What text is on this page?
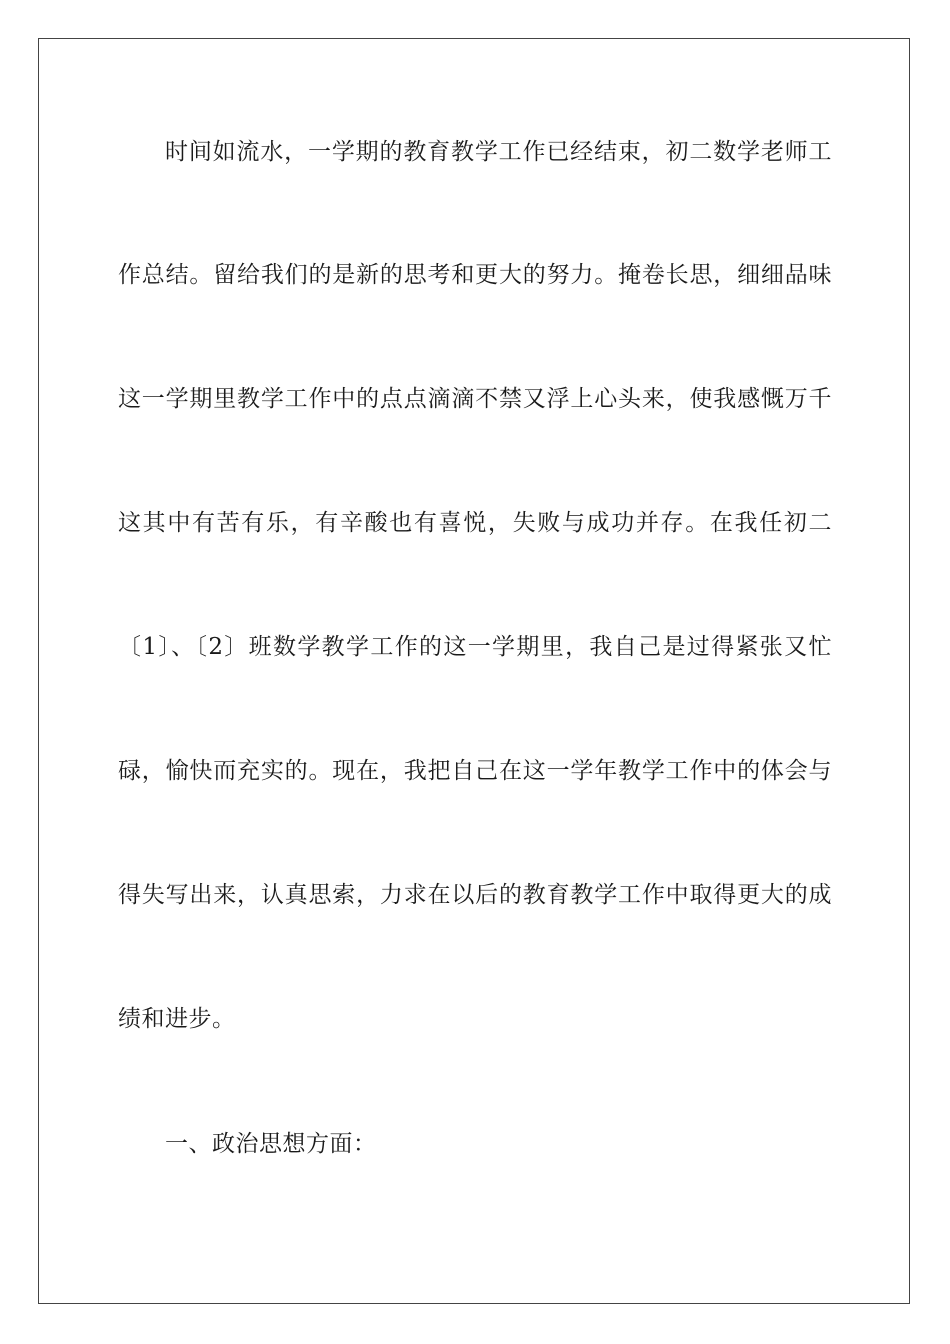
时间如流水，一学期的教育教学工作已经结束，初二数学老师工
作总结。留给我们的是新的思考和更大的努力。掩卷长思，细细品味
这一学期里教学工作中的点点滴滴不禁又浮上心头来，使我感慨万千
这其中有苦有乐，有辛酸也有喜悦，失败与成功并存。在我任初二
〔1〕、〔2〕班数学教学工作的这一学期里，我自己是过得紧张又忙
碌，愉快而充实的。现在，我把自己在这一学年教学工作中的体会与
得失写出来，认真思索，力求在以后的教育教学工作中取得更大的成
绩和进步。
一、政治思想方面：
